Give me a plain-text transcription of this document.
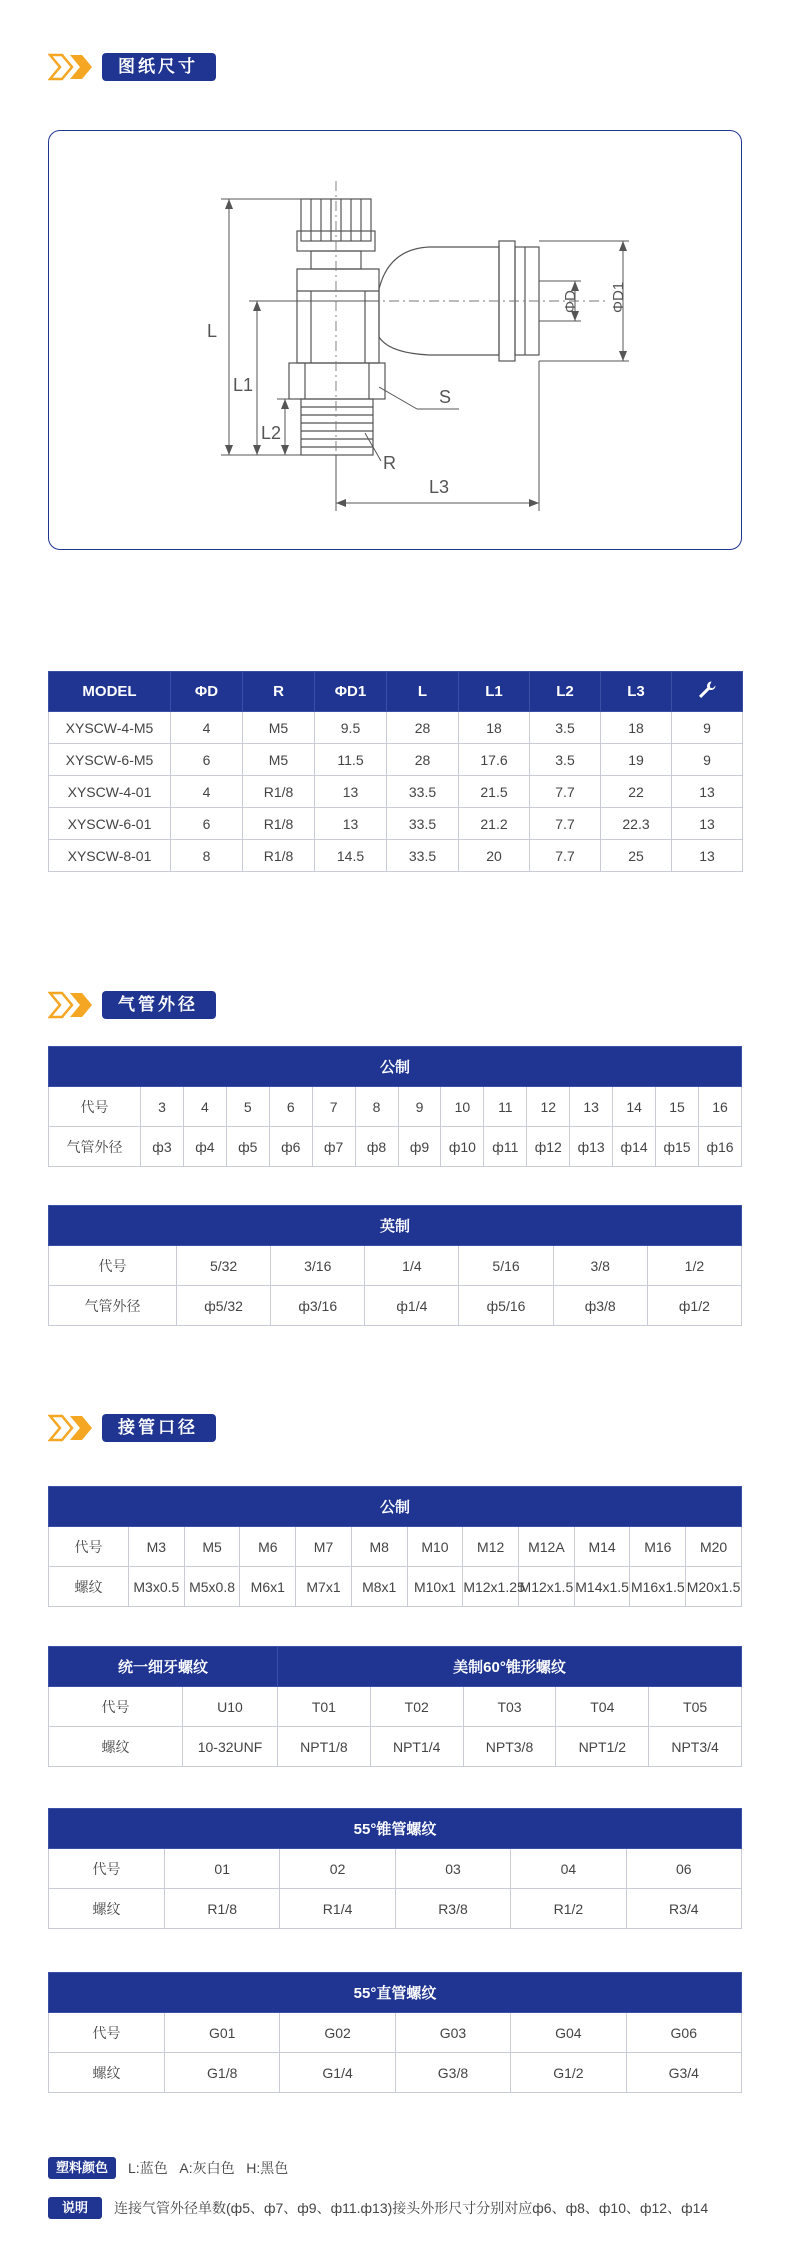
图纸尺寸
L
L1
L2
L3
S
R
ΦD ΦD1
MODEL	ΦD	R	ΦD1	L	L1	L2	L3	
XYSCW-4-M5	4	M5	9.5	28	18	3.5	18	9
XYSCW-6-M5	6	M5	11.5	28	17.6	3.5	19	9
XYSCW-4-01	4	R1/8	13	33.5	21.5	7.7	22	13
XYSCW-6-01	6	R1/8	13	33.5	21.2	7.7	22.3	13
XYSCW-8-01	8	R1/8	14.5	33.5	20	7.7	25	13
气管外径
公制														
代号	3	4	5	6	7	8	9	10	11	12	13	14	15	16
气管外径	ф3	ф4	ф5	ф6	ф7	ф8	ф9	ф10	ф11	ф12	ф13	ф14	ф15	ф16
英制						
代号	5/32	3/16	1/4	5/16	3/8	1/2
气管外径	ф5/32	ф3/16	ф1/4	ф5/16	ф3/8	ф1/2
接管口径
公制											
代号	M3	M5	M6	M7	M8	M10	M12	M12A	M14	M16	M20
螺纹	M3x0.5	M5x0.8	M6x1	M7x1	M8x1	M10x1	M12x1.25	M12x1.5	M14x1.5	M16x1.5	M20x1.5
统一细牙螺纹		美制60°锥形螺纹				
代号	U10	T01	T02	T03	T04	T05
螺纹	10-32UNF	NPT1/8	NPT1/4	NPT3/8	NPT1/2	NPT3/4
55°锥管螺纹					
代号	01	02	03	04	06
螺纹	R1/8	R1/4	R3/8	R1/2	R3/4
55°直管螺纹					
代号	G01	G02	G03	G04	G06
螺纹	G1/8	G1/4	G3/8	G1/2	G3/4
塑料颜色	L:蓝色   A:灰白色   H:黑色
说明	连接气管外径单数(ф5、ф7、ф9、ф11.ф13)接头外形尺寸分别对应ф6、ф8、ф10、ф12、ф14
